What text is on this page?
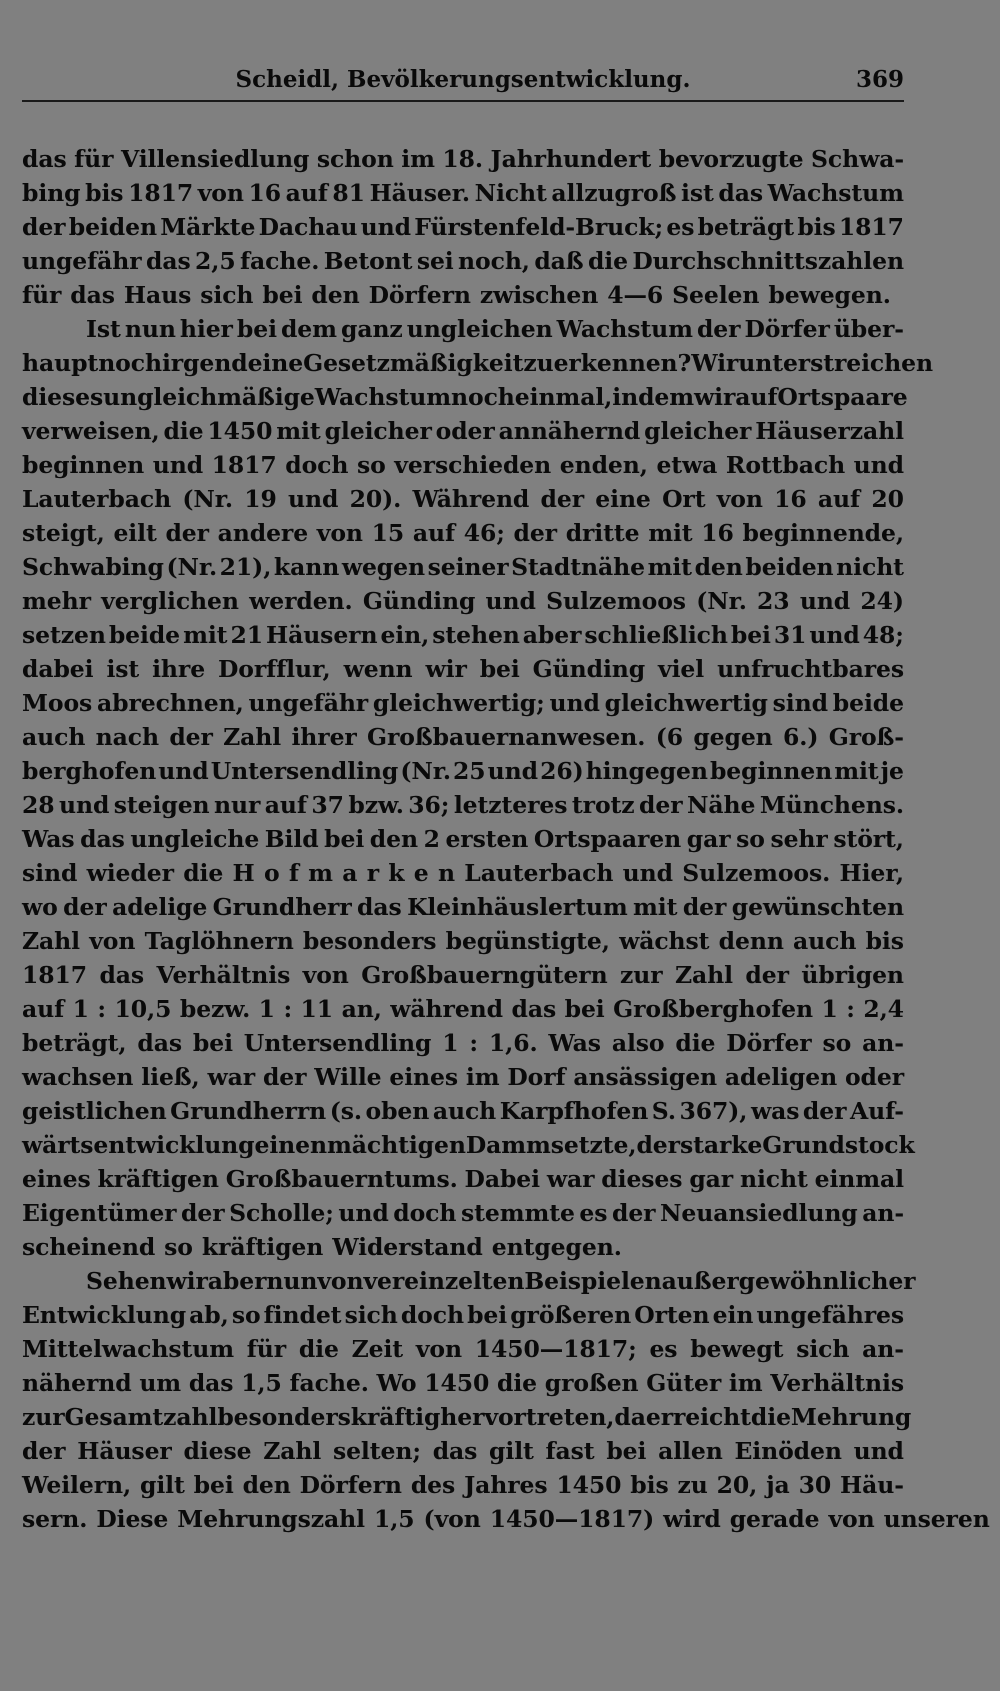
Scheidl, Bevölkerungsentwicklung.	369
das für Villensiedlung schon im 18. Jahrhundert bevorzugte Schwa-
bing bis 1817 von 16 auf 81 Häuser. Nicht allzugroß ist das Wachstum
der beiden Märkte Dachau und Fürstenfeld-Bruck; es beträgt bis 1817
ungefähr das 2,5 fache. Betont sei noch, daß die Durchschnittszahlen
für das Haus sich bei den Dörfern zwischen 4—6 Seelen bewegen.
Ist nun hier bei dem ganz ungleichen Wachstum der Dörfer über-
haupt noch irgend eine Gesetzmäßigkeit zu erkennen? Wir unterstreichen
dieses ungleichmäßige Wachstum nocheinmal, indem wir auf Ortspaare
verweisen, die 1450 mit gleicher oder annähernd gleicher Häuserzahl
beginnen und 1817 doch so verschieden enden, etwa Rottbach und
Lauterbach (Nr. 19 und 20). Während der eine Ort von 16 auf 20
steigt, eilt der andere von 15 auf 46; der dritte mit 16 beginnende,
Schwabing (Nr. 21), kann wegen seiner Stadtnähe mit den beiden nicht
mehr verglichen werden. Günding und Sulzemoos (Nr. 23 und 24)
setzen beide mit 21 Häusern ein, stehen aber schließlich bei 31 und 48;
dabei ist ihre Dorfflur, wenn wir bei Günding viel unfruchtbares
Moos abrechnen, ungefähr gleichwertig; und gleichwertig sind beide
auch nach der Zahl ihrer Großbauernanwesen. (6 gegen 6.) Groß-
berghofen und Untersendling (Nr. 25 und 26) hingegen beginnen mit je
28 und steigen nur auf 37 bzw. 36; letzteres trotz der Nähe Münchens.
Was das ungleiche Bild bei den 2 ersten Ortspaaren gar so sehr stört,
sind wieder die H o f m a r k e n Lauterbach und Sulzemoos. Hier,
wo der adelige Grundherr das Kleinhäuslertum mit der gewünschten
Zahl von Taglöhnern besonders begünstigte, wächst denn auch bis
1817 das Verhältnis von Großbauerngütern zur Zahl der übrigen
auf 1 : 10,5 bezw. 1 : 11 an, während das bei Großberghofen 1 : 2,4
beträgt, das bei Untersendling 1 : 1,6. Was also die Dörfer so an-
wachsen ließ, war der Wille eines im Dorf ansässigen adeligen oder
geistlichen Grundherrn (s. oben auch Karpfhofen S. 367), was der Auf-
wärtsentwicklung einen mächtigen Damm setzte, der starke Grundstock
eines kräftigen Großbauerntums. Dabei war dieses gar nicht einmal
Eigentümer der Scholle; und doch stemmte es der Neuansiedlung an-
scheinend so kräftigen Widerstand entgegen.
Sehen wir aber nun von vereinzelten Beispielen außergewöhnlicher
Entwicklung ab, so findet sich doch bei größeren Orten ein ungefähres
Mittelwachstum für die Zeit von 1450—1817; es bewegt sich an-
nähernd um das 1,5 fache. Wo 1450 die großen Güter im Verhältnis
zur Gesamtzahl besonders kräftig hervortreten, da erreicht die Mehrung
der Häuser diese Zahl selten; das gilt fast bei allen Einöden und
Weilern, gilt bei den Dörfern des Jahres 1450 bis zu 20, ja 30 Häu-
sern. Diese Mehrungszahl 1,5 (von 1450—1817) wird gerade von unseren
